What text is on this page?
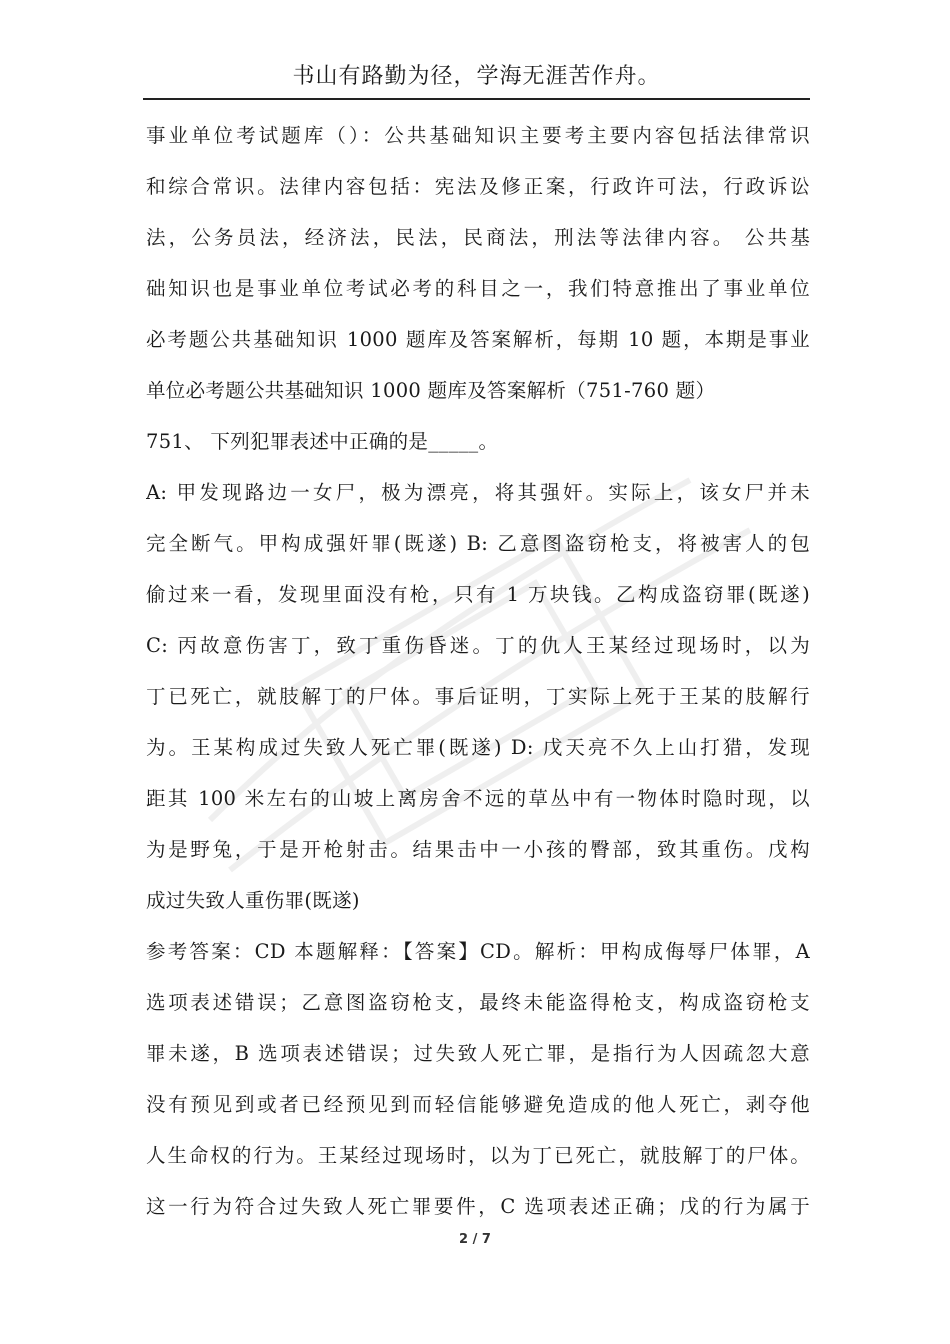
书山有路勤为径，学海无涯苦作舟。
事业单位考试题库（）：公共基础知识主要考主要内容包括法律常识
和综合常识。法律内容包括：宪法及修正案，行政许可法，行政诉讼
法，公务员法，经济法，民法，民商法，刑法等法律内容。 公共基
础知识也是事业单位考试必考的科目之一，我们特意推出了事业单位
必考题公共基础知识 1000 题库及答案解析，每期 10 题，本期是事业
单位必考题公共基础知识 1000 题库及答案解析（751-760 题）
751、 下列犯罪表述中正确的是_____。
A: 甲发现路边一女尸，极为漂亮，将其强奸。实际上，该女尸并未
完全断气。甲构成强奸罪(既遂) B: 乙意图盗窃枪支，将被害人的包
偷过来一看，发现里面没有枪，只有 1 万块钱。乙构成盗窃罪(既遂)
C: 丙故意伤害丁，致丁重伤昏迷。丁的仇人王某经过现场时，以为
丁已死亡，就肢解丁的尸体。事后证明，丁实际上死于王某的肢解行
为。王某构成过失致人死亡罪(既遂) D: 戊天亮不久上山打猎，发现
距其 100 米左右的山坡上离房舍不远的草丛中有一物体时隐时现，以
为是野兔，于是开枪射击。结果击中一小孩的臀部，致其重伤。戊构
成过失致人重伤罪(既遂)
参考答案：CD 本题解释：【答案】CD。解析：甲构成侮辱尸体罪，A
选项表述错误；乙意图盗窃枪支，最终未能盗得枪支，构成盗窃枪支
罪未遂，B 选项表述错误；过失致人死亡罪，是指行为人因疏忽大意
没有预见到或者已经预见到而轻信能够避免造成的他人死亡，剥夺他
人生命权的行为。王某经过现场时，以为丁已死亡，就肢解丁的尸体。
这一行为符合过失致人死亡罪要件，C 选项表述正确；戊的行为属于
2 / 7
